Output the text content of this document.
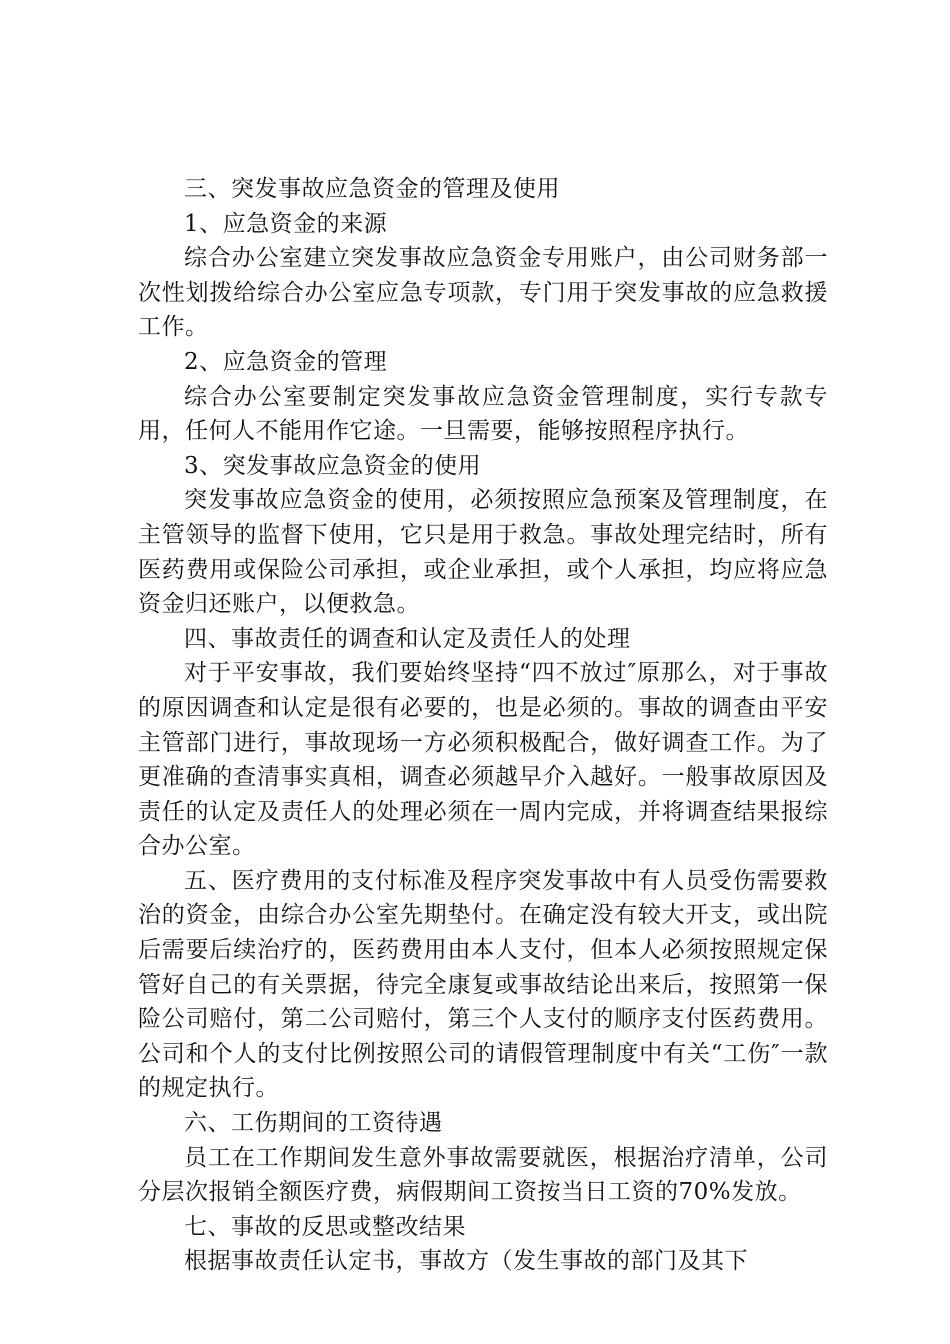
三、突发事故应急资金的管理及使用

1、应急资金的来源

综合办公室建立突发事故应急资金专用账户，由公司财务部一次性划拨给综合办公室应急专项款，专门用于突发事故的应急救援工作。

2、应急资金的管理

综合办公室要制定突发事故应急资金管理制度，实行专款专用，任何人不能用作它途。一旦需要，能够按照程序执行。

3、突发事故应急资金的使用

突发事故应急资金的使用，必须按照应急预案及管理制度，在主管领导的监督下使用，它只是用于救急。事故处理完结时，所有医药费用或保险公司承担，或企业承担，或个人承担，均应将应急资金归还账户，以便救急。

四、事故责任的调查和认定及责任人的处理

对于平安事故，我们要始终坚持“四不放过″原那么，对于事故的原因调查和认定是很有必要的，也是必须的。事故的调查由平安主管部门进行，事故现场一方必须积极配合，做好调查工作。为了更准确的查清事实真相，调查必须越早介入越好。一般事故原因及责任的认定及责任人的处理必须在一周内完成，并将调查结果报综合办公室。

五、医疗费用的支付标准及程序突发事故中有人员受伤需要救治的资金，由综合办公室先期垫付。在确定没有较大开支，或出院后需要后续治疗的，医药费用由本人支付，但本人必须按照规定保管好自己的有关票据，待完全康复或事故结论出来后，按照第一保险公司赔付，第二公司赔付，第三个人支付的顺序支付医药费用。公司和个人的支付比例按照公司的请假管理制度中有关“工伤″一款的规定执行。

六、工伤期间的工资待遇

员工在工作期间发生意外事故需要就医，根据治疗清单，公司分层次报销全额医疗费，病假期间工资按当日工资的70%发放。

七、事故的反思或整改结果

根据事故责任认定书，事故方（发生事故的部门及其下
